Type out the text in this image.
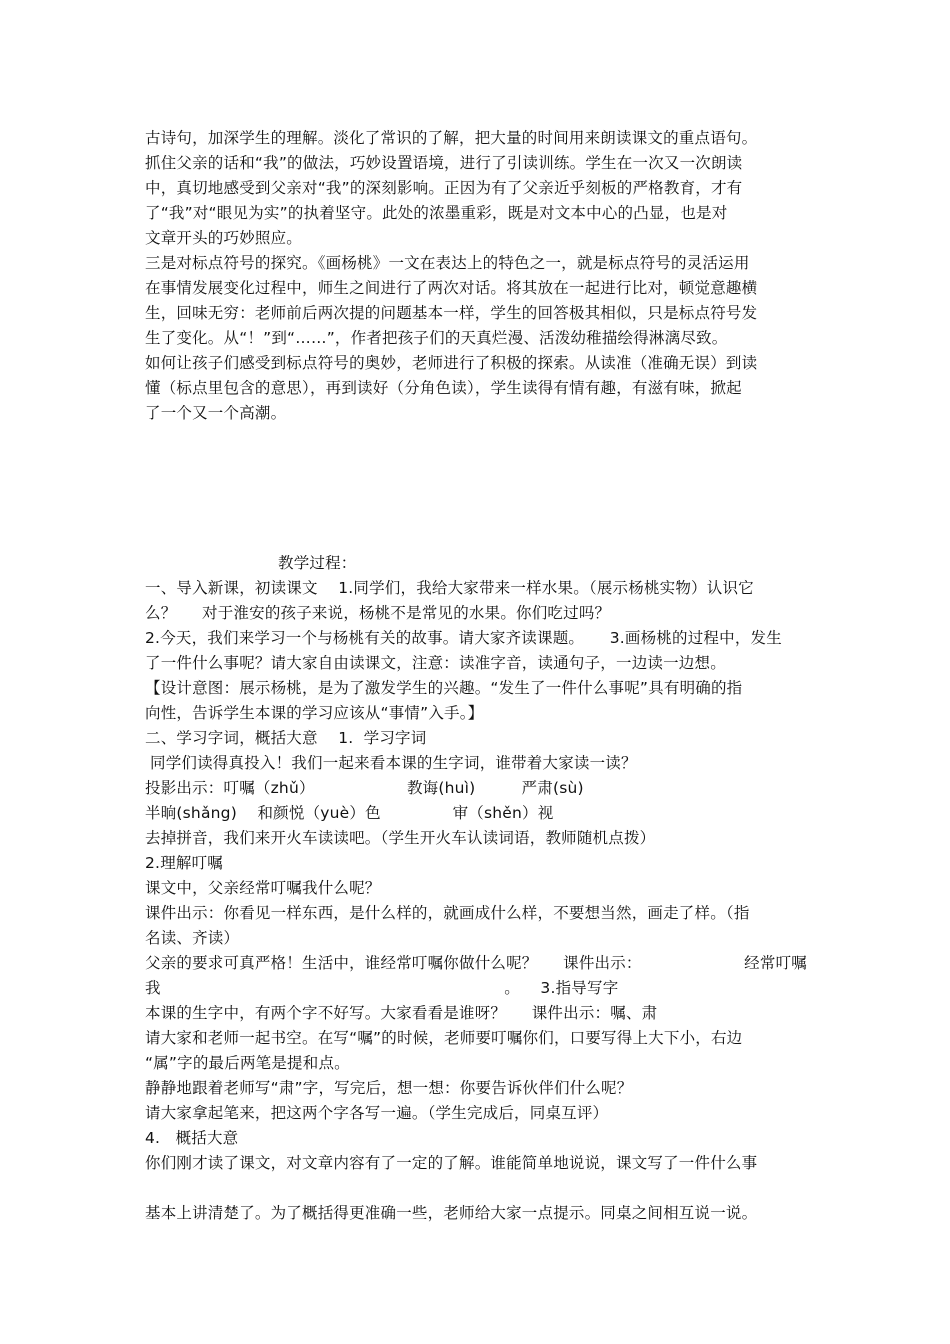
古诗句，加深学生的理解。淡化了常识的了解，把大量的时间用来朗读课文的重点语句。
抓住父亲的话和“我”的做法，巧妙设置语境，进行了引读训练。学生在一次又一次朗读
中，真切地感受到父亲对“我”的深刻影响。正因为有了父亲近乎刻板的严格教育，才有
了“我”对“眼见为实”的执着坚守。此处的浓墨重彩，既是对文本中心的凸显，也是对
文章开头的巧妙照应。
三是对标点符号的探究。《画杨桃》一文在表达上的特色之一，就是标点符号的灵活运用
在事情发展变化过程中，师生之间进行了两次对话。将其放在一起进行比对，顿觉意趣横
生，回味无穷：老师前后两次提的问题基本一样，学生的回答极其相似，只是标点符号发
生了变化。从“！”到“……”，作者把孩子们的天真烂漫、活泼幼稚描绘得淋漓尽致。
如何让孩子们感受到标点符号的奥妙，老师进行了积极的探索。从读准（准确无误）到读
懂（标点里包含的意思），再到读好（分角色读），学生读得有情有趣，有滋有味，掀起
了一个又一个高潮。
教学过程：
一、导入新课，初读课文    1.同学们，我给大家带来一样水果。（展示杨桃实物）认识它
么？     对于淮安的孩子来说，杨桃不是常见的水果。你们吃过吗？
2.今天，我们来学习一个与杨桃有关的故事。请大家齐读课题。     3.画杨桃的过程中，发生
了一件什么事呢？请大家自由读课文，注意：读准字音，读通句子，一边读一边想。
【设计意图：展示杨桃，是为了激发学生的兴趣。“发生了一件什么事呢”具有明确的指
向性，告诉学生本课的学习应该从“事情”入手。】
二、学习字词，概括大意    1.  学习字词
同学们读得真投入！我们一起来看本课的生字词，谁带着大家读一读？
投影出示：叮嘱（zhǔ）                  教诲(huì)         严肃(sù)
半晌(shǎng)    和颜悦（yuè）色              审（shěn）视
去掉拼音，我们来开火车读读吧。（学生开火车认读词语，教师随机点拨）
2.理解叮嘱
课文中，父亲经常叮嘱我什么呢？
课件出示：你看见一样东西，是什么样的，就画成什么样，不要想当然，画走了样。（指
名读、齐读）
父亲的要求可真严格！生活中，谁经常叮嘱你做什么呢？     课件出示：                    经常叮嘱
我                                                                   。    3.指导写字
本课的生字中，有两个字不好写。大家看看是谁呀？     课件出示：嘱、肃
请大家和老师一起书空。在写“嘱”的时候，老师要叮嘱你们，口要写得上大下小，右边
“属”字的最后两笔是提和点。
静静地跟着老师写“肃”字，写完后，想一想：你要告诉伙伴们什么呢？
请大家拿起笔来，把这两个字各写一遍。（学生完成后，同桌互评）
4.   概括大意
你们刚才读了课文，对文章内容有了一定的了解。谁能简单地说说，课文写了一件什么事
基本上讲清楚了。为了概括得更准确一些，老师给大家一点提示。同桌之间相互说一说。
